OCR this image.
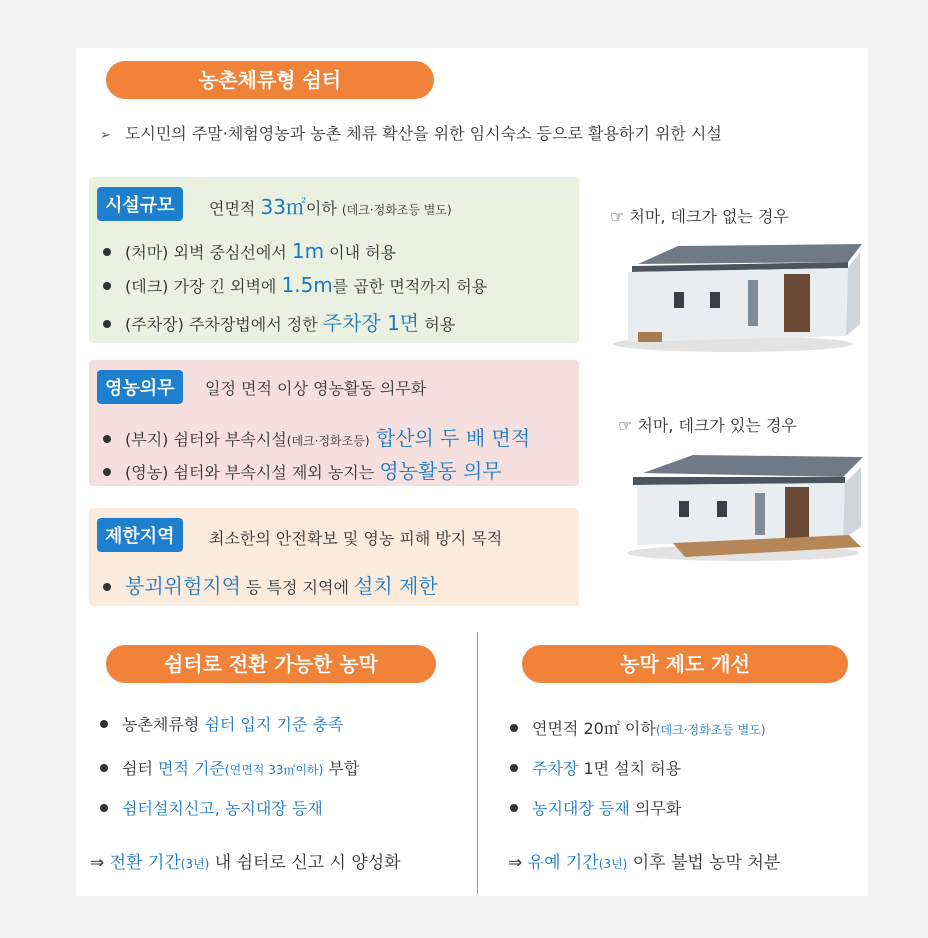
농촌체류형 쉼터
➢ 도시민의 주말·체험영농과 농촌 체류 확산을 위한 임시숙소 등으로 활용하기 위한 시설
시설규모	연면적 33㎡이하 (데크·정화조등 별도)
(처마) 외벽 중심선에서 1m 이내 허용
(데크) 가장 긴 외벽에 1.5m를 곱한 면적까지 허용
(주차장) 주차장법에서 정한 주차장 1면 허용
영농의무	일정 면적 이상 영농활동 의무화
(부지) 쉼터와 부속시설(데크·정화조등) 합산의 두 배 면적
(영농) 쉼터와 부속시설 제외 농지는 영농활동 의무
제한지역	최소한의 안전확보 및 영농 피해 방지 목적
붕괴위험지역 등 특정 지역에 설치 제한
☞ 처마, 데크가 없는 경우
☞ 처마, 데크가 있는 경우
쉼터로 전환 가능한 농막
농촌체류형 쉼터 입지 기준 충족
쉼터 면적 기준(연면적 33㎡이하) 부합
쉼터설치신고, 농지대장 등재
⇒ 전환 기간(3년) 내 쉼터로 신고 시 양성화
농막 제도 개선
연면적 20㎡ 이하(데크·정화조등 별도)
주차장 1면 설치 허용
농지대장 등재 의무화
⇒ 유예 기간(3년) 이후 불법 농막 처분
